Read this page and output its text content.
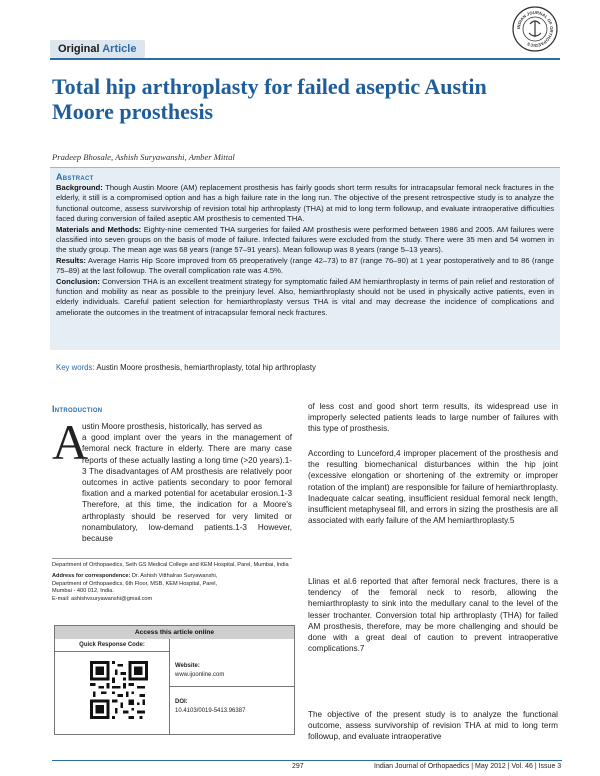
INDIAN JOURNAL OF ORTHOPAEDICS
Original Article
Total hip arthroplasty for failed aseptic Austin Moore prosthesis
Pradeep Bhosale, Ashish Suryawanshi, Amber Mittal
Abstract

Background: Though Austin Moore (AM) replacement prosthesis has fairly goods short term results for intracapsular femoral neck fractures in the elderly, it still is a compromised option and has a high failure rate in the long run. The objective of the present retrospective study is to analyze the functional outcome, assess survivorship of revision total hip arthroplasty (THA) at mid to long term followup, and evaluate intraoperative difficulties faced during conversion of failed aseptic AM prosthesis to cemented THA.

Materials and Methods: Eighty-nine cemented THA surgeries for failed AM prosthesis were performed between 1986 and 2005. AM failures were classified into seven groups on the basis of mode of failure. Infected failures were excluded from the study. There were 35 men and 54 women in the study group. The mean age was 68 years (range 57–91 years). Mean followup was 8 years (range 5–13 years).

Results: Average Harris Hip Score improved from 65 preoperatively (range 42–73) to 87 (range 76–90) at 1 year postoperatively and to 86 (range 75–89) at the last followup. The overall complication rate was 4.5%.

Conclusion: Conversion THA is an excellent treatment strategy for symptomatic failed AM hemiarthroplasty in terms of pain relief and restoration of function and mobility as near as possible to the preinjury level. Also, hemiarthroplasty should not be used in physically active patients, even in elderly individuals. Careful patient selection for hemiarthroplasty versus THA is vital and may decrease the incidence of complications and ameliorate the outcomes in the treatment of intracapsular femoral neck fractures.

Key words: Austin Moore prosthesis, hemiarthroplasty, total hip arthroplasty
Introduction
A
ustin Moore prosthesis, historically, has served as
a good implant over the years in the management of femoral neck fracture in elderly. There are many case reports of these actually lasting a long time (>20 years).1-3 The disadvantages of AM prosthesis are relatively poor outcomes in active patients secondary to poor femoral fixation and a marked potential for acetabular erosion.1-3 Therefore, at this time, the indication for a Moore's arthroplasty should be reserved for very limited or nonambulatory, low-demand patients.1-3 However, because
Department of Orthopaedics, Seth GS Medical College and KEM Hospital, Parel, Mumbai, India
Address for correspondence: Dr. Ashish Vitthalrao Suryawanshi,
Department of Orthopaedics, 6th Floor, MSB, KEM Hospital, Parel,
Mumbai - 400 012, India.
E-mail: ashishvsuryawanshi@gmail.com
Access this article online
Quick Response Code:
Website:
www.ijoonline.com
DOI:
10.4103/0019-5413.96387
of less cost and good short term results, its widespread use in improperly selected patients leads to large number of failures with this type of prosthesis.
According to Lunceford,4 improper placement of the prosthesis and the resulting biomechanical disturbances within the hip joint (excessive elongation or shortening of the extremity or improper rotation of the implant) are responsible for failure of hemiarthroplasty. Inadequate calcar seating, insufficient residual femoral neck length, insufficient metaphyseal fill, and errors in sizing the prosthesis are all associated with early failure of the AM hemiarthroplasty.5
Llinas et al.6 reported that after femoral neck fractures, there is a tendency of the femoral neck to resorb, allowing the hemiarthroplasty to sink into the medullary canal to the level of the lesser trochanter. Conversion total hip arthroplasty (THA) for failed AM prosthesis, therefore, may be more challenging and should be done with a great deal of caution to prevent intraoperative complications.7
The objective of the present study is to analyze the functional outcome, assess survivorship of revision THA at mid to long term followup, and evaluate intraoperative
297	Indian Journal of Orthopaedics | May 2012 | Vol. 46 | Issue 3
